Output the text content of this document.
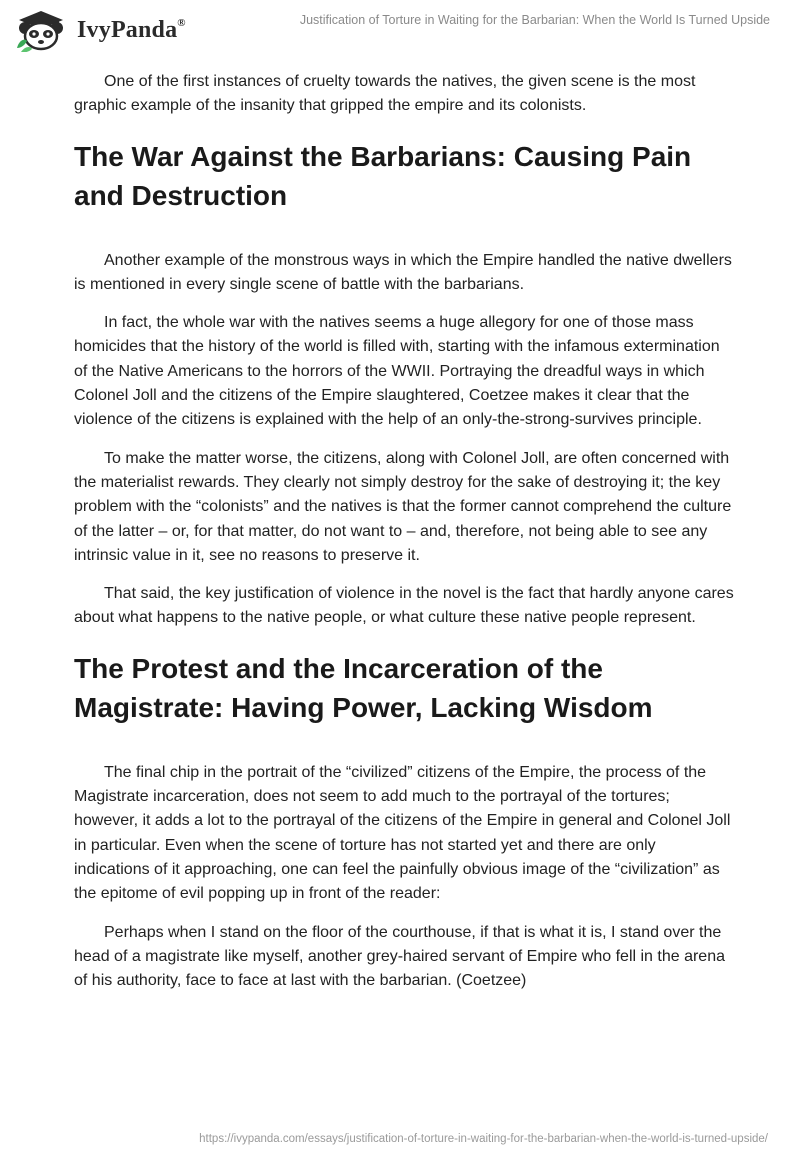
IvyPanda®	Justification of Torture in Waiting for the Barbarian: When the World Is Turned Upside

One of the first instances of cruelty towards the natives, the given scene is the most graphic example of the insanity that gripped the empire and its colonists.

The War Against the Barbarians: Causing Pain and Destruction

Another example of the monstrous ways in which the Empire handled the native dwellers is mentioned in every single scene of battle with the barbarians.

In fact, the whole war with the natives seems a huge allegory for one of those mass homicides that the history of the world is filled with, starting with the infamous extermination of the Native Americans to the horrors of the WWII. Portraying the dreadful ways in which Colonel Joll and the citizens of the Empire slaughtered, Coetzee makes it clear that the violence of the citizens is explained with the help of an only-the-strong-survives principle.

To make the matter worse, the citizens, along with Colonel Joll, are often concerned with the materialist rewards. They clearly not simply destroy for the sake of destroying it; the key problem with the “colonists” and the natives is that the former cannot comprehend the culture of the latter – or, for that matter, do not want to – and, therefore, not being able to see any intrinsic value in it, see no reasons to preserve it.

That said, the key justification of violence in the novel is the fact that hardly anyone cares about what happens to the native people, or what culture these native people represent.

The Protest and the Incarceration of the Magistrate: Having Power, Lacking Wisdom

The final chip in the portrait of the “civilized” citizens of the Empire, the process of the Magistrate incarceration, does not seem to add much to the portrayal of the tortures; however, it adds a lot to the portrayal of the citizens of the Empire in general and Colonel Joll in particular. Even when the scene of torture has not started yet and there are only indications of it approaching, one can feel the painfully obvious image of the “civilization” as the epitome of evil popping up in front of the reader:

Perhaps when I stand on the floor of the courthouse, if that is what it is, I stand over the head of a magistrate like myself, another grey-haired servant of Empire who fell in the arena of his authority, face to face at last with the barbarian. (Coetzee)

https://ivypanda.com/essays/justification-of-torture-in-waiting-for-the-barbarian-when-the-world-is-turned-upside/
